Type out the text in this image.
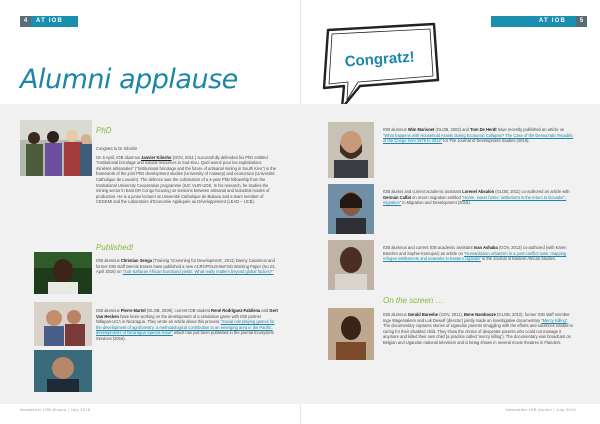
4	AT IOB
Alumni applause
AT IOB	5
Congratz!
PhD
Congrats to Dr Kiloshi!
On 5 April, IOB alumnus Janvier Kilosho (GOV, 2011 ) successfully defended his PhD entitled “Institutional bricolage and natural resources in Sud-Kivu. Quel avenir pour les exploitations minières artisanales” (“Institutional bricolage and the future of artisanal mining in South Kivu”) in the framework of the joint PhD development studies (University of Antwerp) and economics (Université Catholique de Louvain). The defence was the culmination of a 4-year PhD fellowship from the Institutional University Cooperation programme (IUC VLIR-UOS. In his research, he studies the mining sector in East DR Congo focusing on tensions between artisanal and industrial modes of production. He is a junior lecturer at Université Catholique de Bukavu and a team member of CEGEMI and the Laboratoire d’Economie Appliquée au Développement (LEAD – UCB).
Published!
IOB alumnus Christian Senga (Training ‘Governing for Development’, 2011) Danny Cassimon and former IOB staff Dennis Essers have published a new ACROPOLIS-BeFinD Working Paper (No 23, April 2016) on “Sub-Saharan African Eurobond yields: What really matters beyond global factors?”
IOB alumnus Pierre Martel (GLOB, 2009), current IOB student René Rodríguez-Fabilena and Gert Van Hecken have been working on the development of a simulation game with IOB partner Nitlapan-UCA in Nicaragua. They wrote an article about this process “Social role playing games for the development of agroforestry: a methodological contribution to an emerging area in the Pacific: developments of Nicaragua Special Issue” which has just been published in the journal Ecosystem Services (2016).
IOB alumnus Wim Marivoet (GLOB, 2003) and Tom De Herdt have recently published an article on “What happens with Household Assets during Economic Collapse? The Case of the Democratic Republic of the Congo from 1975 to 2012” for The Journal of Development Studies (2016).
IOB alumni and current academic assistant Lorenel Absalon (GLOB, 2011) co-authored an article with Germán Calfat on return migration entitled “Home, sweet home: settlement in the return to Ecuador”, migration” in Migration and Development (2016).
IOB alumnus and current IOB academic assistant Ivan Ashaba (GOV, 2013) co-authored (with Karen Büscher and Sophie Komujuni) an article on “Humanitarian urbanism in a post-conflict town: mapping refugee settlements and networks in Eastern Uganda” in the Journal of Eastern African Studies.
On the screen …
IOB alumnus Gerald Bareebe (GOV, 2011), Bene Nambooze (GLOB, 2010), former IOB staff member Inge Wagemakers and Luk Dewulf (director) jointly made an investigative documentary “Mercy Killing”. The documentary captures stories of Ugandan parents struggling with the efforts and sacrifices related to caring for their disabled child. They show the choice of desperate parents who could not manage it anymore and killed their own child (a practice called ‘mercy killing’). The documentary was broadcast on Belgian and Ugandan national television and is being shown in several movie theatres in Flanders.
Newsletter IOB Alumni | July 2016	Newsletter IOB Alumni | July 2016
